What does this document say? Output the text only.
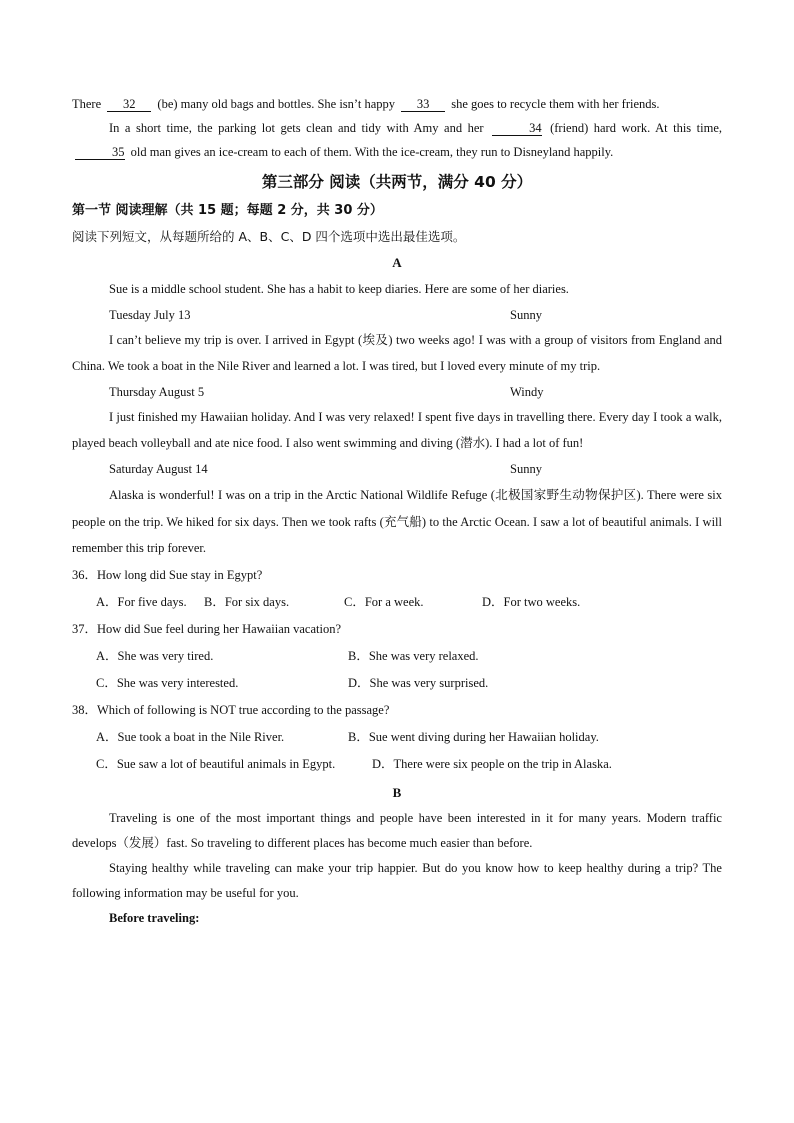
There 32 (be) many old bags and bottles. She isn’t happy 33 she goes to recycle them with her friends.

In a short time, the parking lot gets clean and tidy with Amy and her	34 (friend) hard work. At this time, 35 old man gives an ice-cream to each of them. With the ice-cream, they run to Disneyland happily.

第三部分 阅读（共两节，满分 40 分）
第一节 阅读理解（共 15 题；每题 2 分，共 30 分）
阅读下列短文，从每题所给的 A、B、C、D 四个选项中选出最佳选项。
A

Sue is a middle school student. She has a habit to keep diaries. Here are some of her diaries.

Tuesday July 13	Sunny

I can’t believe my trip is over. I arrived in Egypt (埃及) two weeks ago! I was with a group of visitors from England and China. We took a boat in the Nile River and learned a lot. I was tired, but I loved every minute of my trip.

Thursday August 5	Windy

I just finished my Hawaiian holiday. And I was very relaxed! I spent five days in travelling there. Every day I took a walk, played beach volleyball and ate nice food. I also went swimming and diving (潜水). I had a lot of fun!

Saturday August 14	Sunny

Alaska is wonderful! I was on a trip in the Arctic National Wildlife Refuge (北极国家野生动物保护区). There were six people on the trip. We hiked for six days. Then we took rafts (充气船) to the Arctic Ocean. I saw a lot of beautiful animals. I will remember this trip forever.

36．How long did Sue stay in Egypt?
A．For five days.	B．For six days.	C．For a week.	D．For two weeks.
37．How did Sue feel during her Hawaiian vacation?
A．She was very tired.	B．She was very relaxed.
C．She was very interested.	D．She was very surprised.
38．Which of following is NOT true according to the passage?
A．Sue took a boat in the Nile River.	B．Sue went diving during her Hawaiian holiday.
C．Sue saw a lot of beautiful animals in Egypt.	D．There were six people on the trip in Alaska.
B

Traveling is one of the most important things and people have been interested in it for many years. Modern traffic develops（发展）fast. So traveling to different places has become much easier than before.

Staying healthy while traveling can make your trip happier. But do you know how to keep healthy during a trip? The following information may be useful for you.

Before traveling:
